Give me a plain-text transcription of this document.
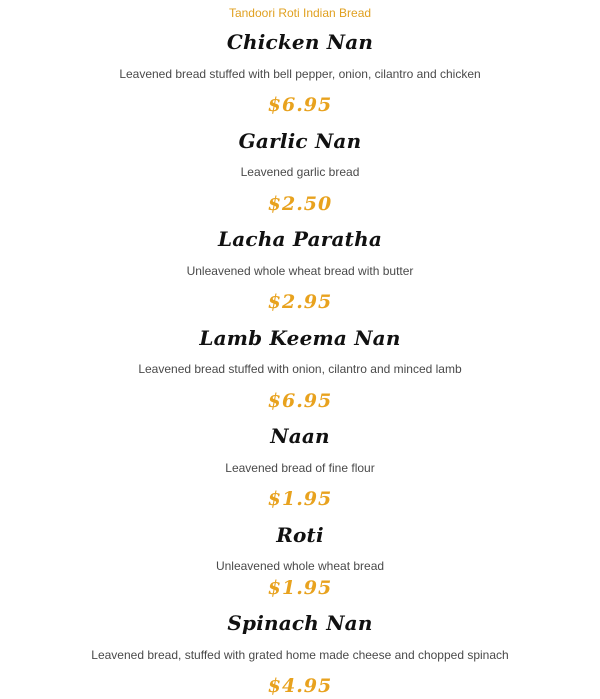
Tandoori Roti Indian Bread
Chicken Nan
Leavened bread stuffed with bell pepper, onion, cilantro and chicken
$6.95
Garlic Nan
Leavened garlic bread
$2.50
Lacha Paratha
Unleavened whole wheat bread with butter
$2.95
Lamb Keema Nan
Leavened bread stuffed with onion, cilantro and minced lamb
$6.95
Naan
Leavened bread of fine flour
$1.95
Roti
Unleavened whole wheat bread
$1.95
Spinach Nan
Leavened bread, stuffed with grated home made cheese and chopped spinach
$4.95
